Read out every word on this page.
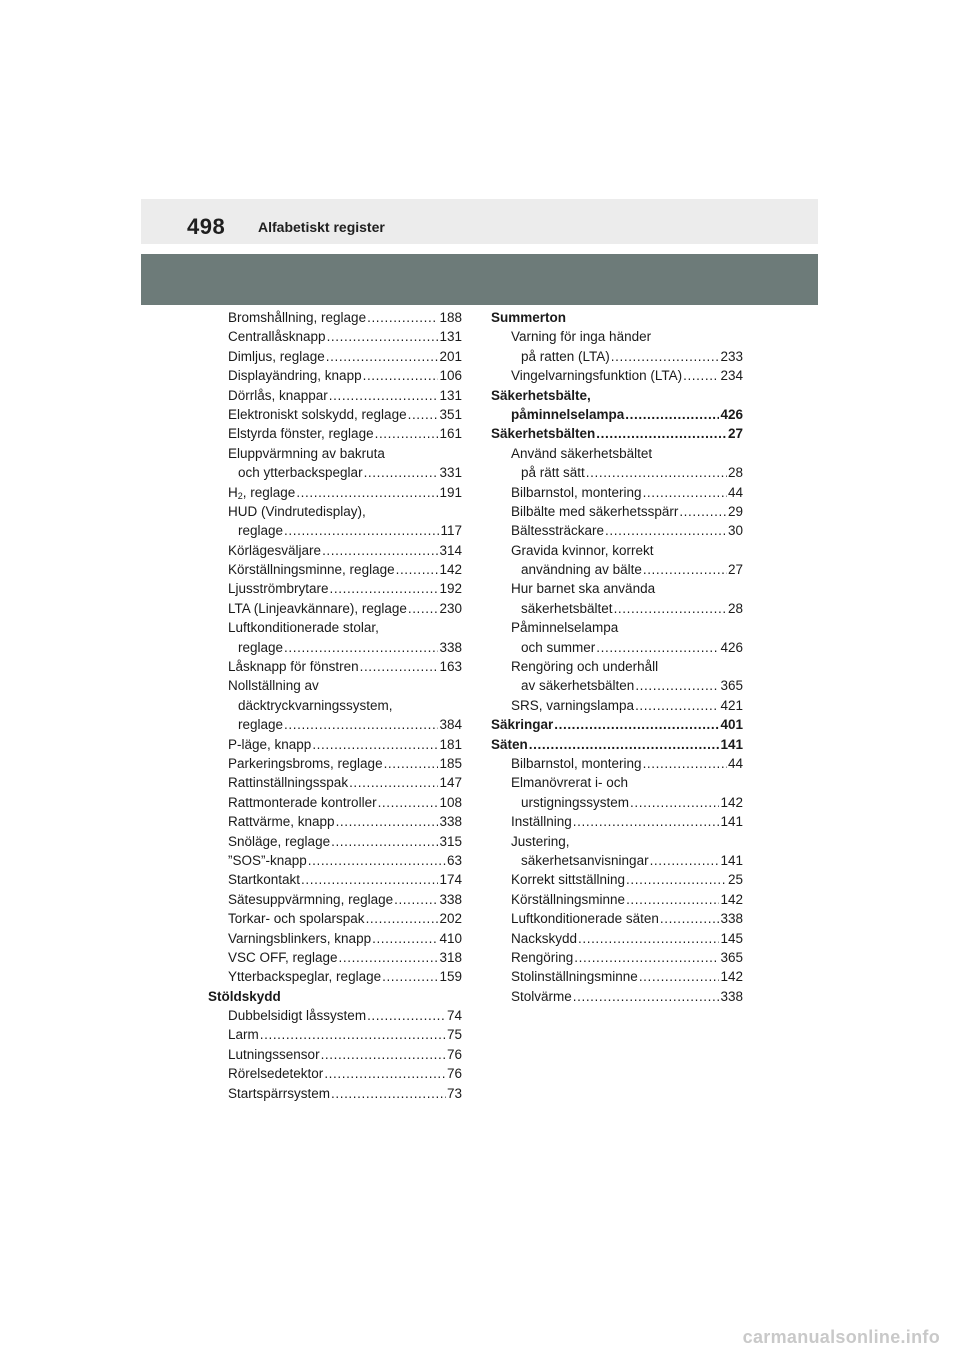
498 Alfabetiskt register
Bromshållning, reglage .....	188
Centrallåsknapp .....	131
Dimljus, reglage .....	201
Displayändring, knapp .....	106
Dörrlås, knappar .....	131
Elektroniskt solskydd, reglage ..... 351
Elstyrda fönster, reglage .....	161
Eluppvärmning av bakruta
och ytterbackspeglar .....	331
$H_2$, reglage .....	191
HUD (Vindrutedisplay),
reglage .....	117
Körlägesväljare .....	314
Körställningsminne, reglage .....	142
Ljusströmbrytare .....	192
LTA (Linjeavkännare), reglage ..... 230
Luftkonditionerade stolar,
reglage .....	338
Låsknapp för fönstren .....	163
Nollställning av
däcktryckvarningssystem,
reglage .....	384
P-läge, knapp .....	181
Parkeringsbroms, reglage .....	185
Rattinställningsspak .....	147
Rattmonterade kontroller .....	108
Rattvärme, knapp .....	338
Snöläge, reglage .....	315
”SOS”-knapp .....	63
Startkontakt .....	174
Sätesuppvärmning, reglage .....	338
Torkar- och spolarspak .....	202
Varningsblinkers, knapp .....	410
VSC OFF, reglage .....	318
Ytterbackspeglar, reglage .....	159
Stöldskydd
Dubbelsidigt låssystem .....	74
Larm .....	75
Lutningssensor .....	76
Rörelsedetektor .....	76
Startspärrsystem .....	73
Summerton
Varning för inga händer
på ratten (LTA) .....	233
Vingelvarningsfunktion (LTA) .....	234
Säkerhetsbälte,
påminnelselampa .....	426
Säkerhetsbälten .....	27
Använd säkerhetsbältet
på rätt sätt .....	28
Bilbarnstol, montering .....	44
Bilbälte med säkerhetsspärr .....	29
Bältessträckare .....	30
Gravida kvinnor, korrekt
användning av bälte .....	27
Hur barnet ska använda
säkerhetsbältet .....	28
Påminnelselampa
och summer .....	426
Rengöring och underhåll
av säkerhetsbälten .....	365
SRS, varningslampa .....	421
Säkringar .....	401
Säten .....	141
Bilbarnstol, montering .....	44
Elmanövrerat i- och
urstigningssystem .....	142
Inställning .....	141
Justering,
säkerhetsanvisningar .....	141
Korrekt sittställning .....	25
Körställningsminne .....	142
Luftkonditionerade säten .....	338
Nackskydd .....	145
Rengöring .....	365
Stolinställningsminne .....	142
Stolvärme .....	338
carmanualsonline.info
